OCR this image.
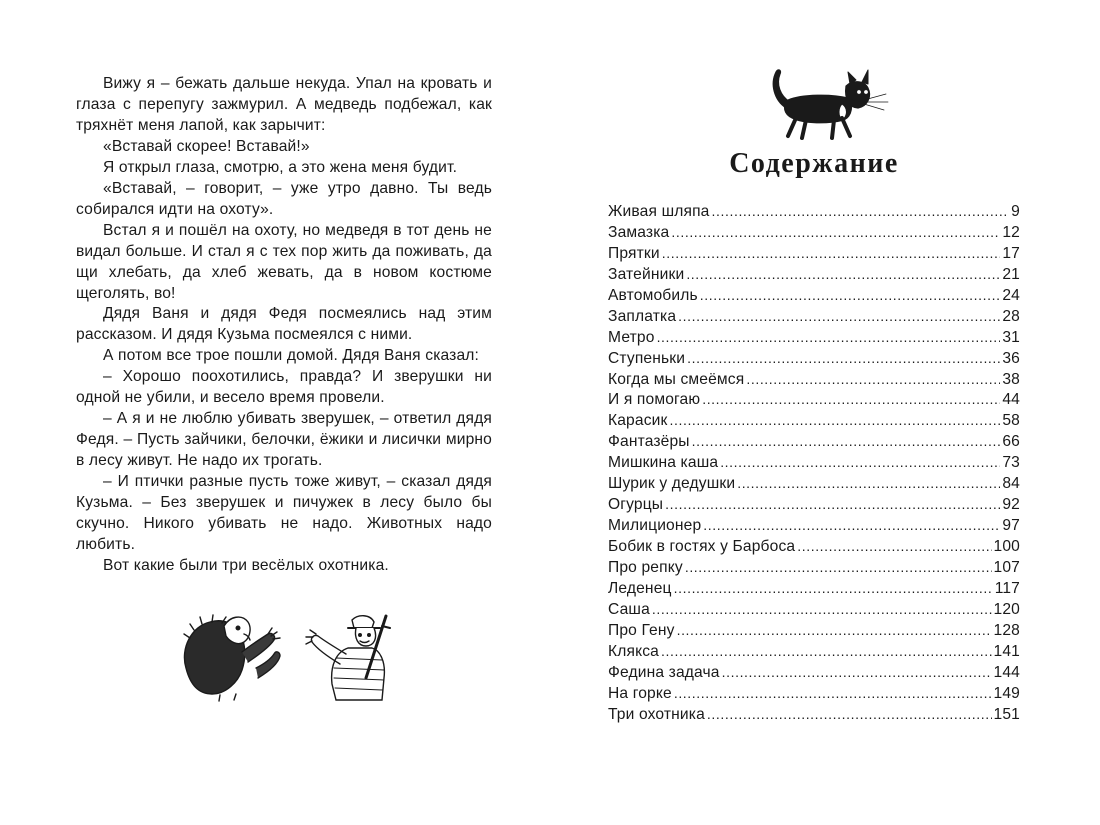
Вижу я – бежать дальше некуда. Упал на кровать и глаза с перепугу зажмурил. А медведь подбежал, как тряхнёт меня лапой, как зарычит:

«Вставай скорее! Вставай!»

Я открыл глаза, смотрю, а это жена меня будит.

«Вставай, – говорит, – уже утро давно. Ты ведь собирался идти на охоту».

Встал я и пошёл на охоту, но медведя в тот день не видал больше. И стал я с тех пор жить да поживать, да щи хлебать, да хлеб жевать, да в новом костюме щеголять, во!

Дядя Ваня и дядя Федя посмеялись над этим рассказом. И дядя Кузьма посмеялся с ними.

А потом все трое пошли домой. Дядя Ваня сказал:

– Хорошо поохотились, правда? И зверушки ни одной не убили, и весело время провели.

– А я и не люблю убивать зверушек, – ответил дядя Федя. – Пусть зайчики, белочки, ёжики и лисички мирно в лесу живут. Не надо их трогать.

– И птички разные пусть тоже живут, – сказал дядя Кузьма. – Без зверушек и пичужек в лесу было бы скучно. Никого убивать не надо. Животных надо любить.

Вот какие были три весёлых охотника.

Содержание
Живая шляпа .....	9
Замазка .....	12
Прятки .....	17
Затейники .....	21
Автомобиль .....	24
Заплатка .....	28
Метро .....	31
Ступеньки .....	36
Когда мы смеёмся .....	38
И я помогаю .....	44
Карасик .....	58
Фантазёры .....	66
Мишкина каша .....	73
Шурик у дедушки .....	84
Огурцы .....	92
Милиционер .....	97
Бобик в гостях у Барбоса .....	100
Про репку .....	107
Леденец .....	117
Саша .....	120
Про Гену .....	128
Клякса .....	141
Федина задача .....	144
На горке .....	149
Три охотника .....	151
